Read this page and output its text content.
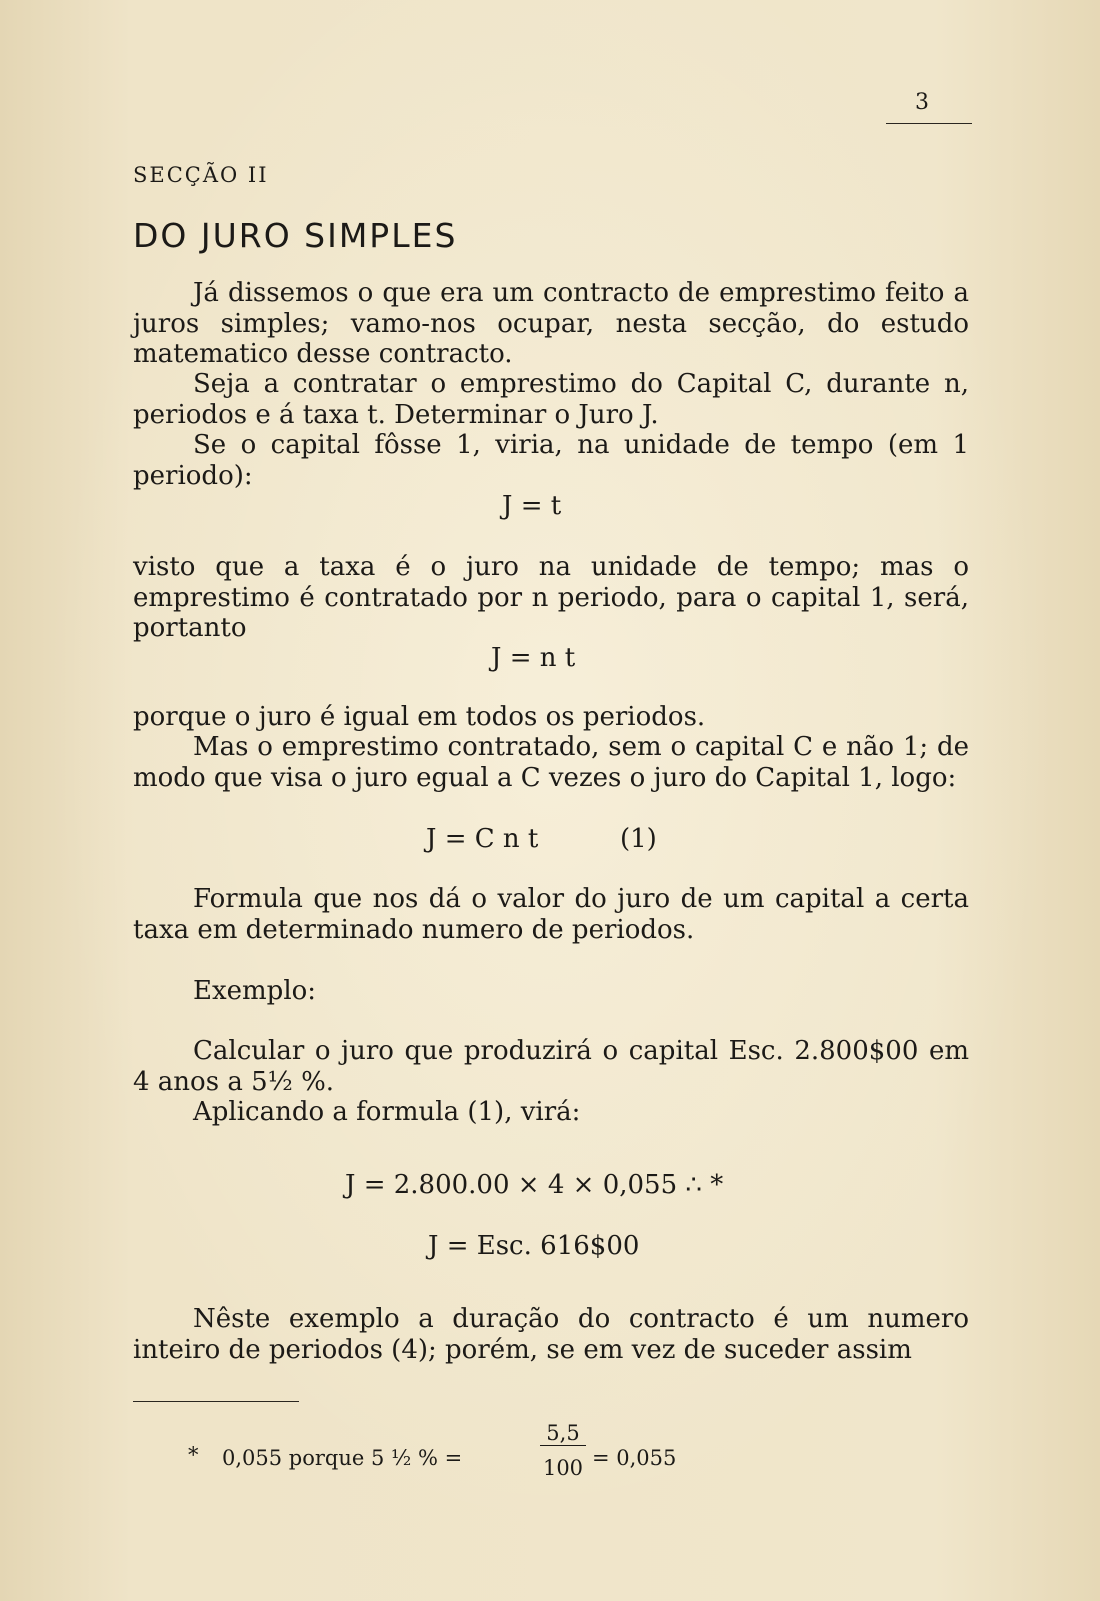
3
SECÇÃO II
DO JURO SIMPLES
Já dissemos o que era um contracto de emprestimo feito a juros simples; vamo-nos ocupar, nesta secção, do estudo matematico desse contracto.
Seja a contratar o emprestimo do Capital C, durante n, periodos e á taxa t. Determinar o Juro J.
Se o capital fôsse 1, viria, na unidade de tempo (em 1 periodo):
J = t
visto que a taxa é o juro na unidade de tempo; mas o emprestimo é contratado por n periodo, para o capital 1, será, portanto
J = n t
porque o juro é igual em todos os periodos.
Mas o emprestimo contratado, sem o capital C e não 1; de modo que visa o juro egual a C vezes o juro do Capital 1, logo:
J = C n t	(1)
Formula que nos dá o valor do juro de um capital a certa taxa em determinado numero de periodos.
Exemplo:
Calcular o juro que produzirá o capital Esc. 2.800$00 em 4 anos a 5½ %.
Aplicando a formula (1), virá:
J = 2.800.00 × 4 × 0,055 ∴ *
J = Esc. 616$00
Nêste exemplo a duração do contracto é um numero inteiro de periodos (4); porém, se em vez de suceder assim
* 0,055 porque 5 ½ % =
5,5
100 = 0,055
